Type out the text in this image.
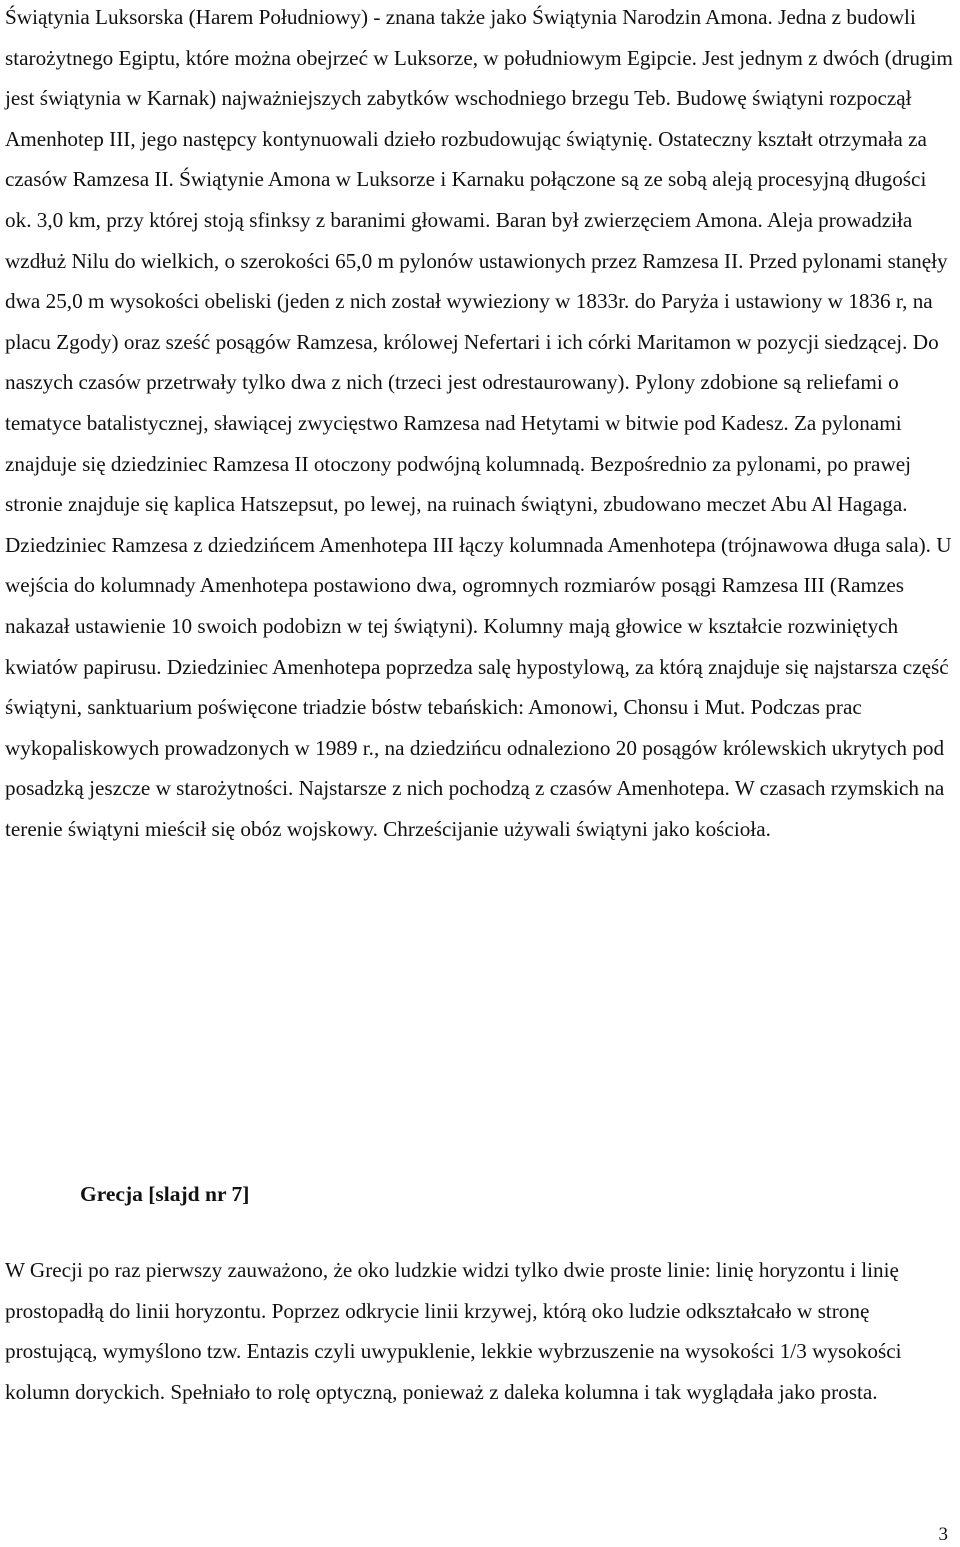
Świątynia Luksorska (Harem Południowy) - znana także jako Świątynia Narodzin Amona. Jedna z budowli starożytnego Egiptu, które można obejrzeć w Luksorze, w południowym Egipcie. Jest jednym z dwóch (drugim jest świątynia w Karnak) najważniejszych zabytków wschodniego brzegu Teb. Budowę świątyni rozpoczął Amenhotep III, jego następcy kontynuowali dzieło rozbudowując świątynię. Ostateczny kształt otrzymała za czasów Ramzesa II. Świątynie Amona w Luksorze i Karnaku połączone są ze sobą aleją procesyjną długości ok. 3,0 km, przy której stoją sfinksy z baranimi głowami. Baran był zwierzęciem Amona. Aleja prowadziła wzdłuż Nilu do wielkich, o szerokości 65,0 m pylonów ustawionych przez Ramzesa II. Przed pylonami stanęły dwa 25,0 m wysokości obeliski (jeden z nich został wywieziony w 1833r. do Paryża i ustawiony w 1836 r, na placu Zgody) oraz sześć posągów Ramzesa, królowej Nefertari i ich córki Maritamon w pozycji siedzącej. Do naszych czasów przetrwały tylko dwa z nich (trzeci jest odrestaurowany). Pylony zdobione są reliefami o tematyce batalistycznej, sławiącej zwycięstwo Ramzesa nad Hetytami w bitwie pod Kadesz. Za pylonami znajduje się dziedziniec Ramzesa II otoczony podwójną kolumnadą. Bezpośrednio za pylonami, po prawej stronie znajduje się kaplica Hatszepsut, po lewej, na ruinach świątyni, zbudowano meczet Abu Al Hagaga. Dziedziniec Ramzesa z dziedzińcem Amenhotepa III łączy kolumnada Amenhotepa (trójnawowa długa sala). U wejścia do kolumnady Amenhotepa postawiono dwa, ogromnych rozmiarów posągi Ramzesa III (Ramzes nakazał ustawienie 10 swoich podobizn w tej świątyni). Kolumny mają głowice w kształcie rozwiniętych kwiatów papirusu. Dziedziniec Amenhotepa poprzedza salę hypostylową, za którą znajduje się najstarsza część świątyni, sanktuarium poświęcone triadzie bóstw tebańskich: Amonowi, Chonsu i Mut. Podczas prac wykopaliskowych prowadzonych w 1989 r., na dziedzińcu odnaleziono 20 posągów królewskich ukrytych pod posadzką jeszcze w starożytności. Najstarsze z nich pochodzą z czasów Amenhotepa. W czasach rzymskich na terenie świątyni mieścił się obóz wojskowy. Chrześcijanie używali świątyni jako kościoła.

Grecja [slajd nr 7]

W Grecji po raz pierwszy zauważono, że oko ludzkie widzi tylko dwie proste linie: linię horyzontu i linię prostopadłą do linii horyzontu. Poprzez odkrycie linii krzywej, którą oko ludzie odkształcało w stronę prostującą, wymyślono tzw. Entazis czyli uwypuklenie, lekkie wybrzuszenie na wysokości 1/3 wysokości kolumn doryckich. Spełniało to rolę optyczną, ponieważ z daleka kolumna i tak wyglądała jako prosta.

3
